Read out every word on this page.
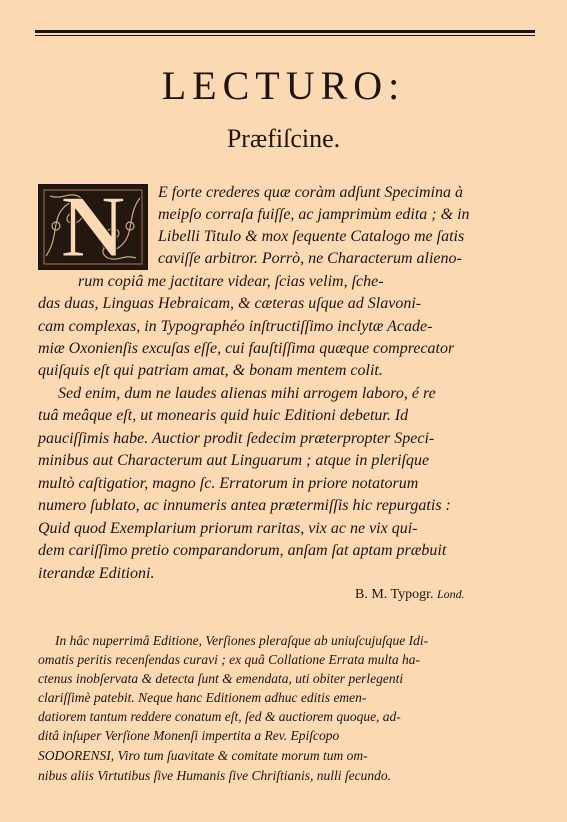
LECTURO:
Præfiſcine.
N	E forte crederes quæ coràm adſunt Specimina à
meipſo corraſa fuiſſe, ac jamprimùm edita ; & in
Libelli Titulo & mox ſequente Catalogo me ſatis
caviſſe arbitror. Porrò, ne Characterum alieno-
rum copiâ me jactitare videar, ſcias velim, ſche-
das duas, Linguas Hebraicam, & cæteras uſque ad Slavoni-
cam complexas, in Typographéo inſtructiſſimo inclytæ Acade-
miæ Oxonienſis excuſas eſſe, cui fauſtiſſima quæque comprecator
quiſquis eſt qui patriam amat, & bonam mentem colit.
Sed enim, dum ne laudes alienas mihi arrogem laboro, é re
tuâ meâque eſt, ut monearis quid huic Editioni debetur. Id
pauciſſimis habe. Auctior prodit ſedecim præterpropter Speci-
minibus aut Characterum aut Linguarum ; atque in pleriſque
multò caſtigatior, magno ſc. Erratorum in priore notatorum
numero ſublato, ac innumeris antea prætermiſſis hic repurgatis :
Quid quod Exemplarium priorum raritas, vix ac ne vix qui-
dem cariſſimo pretio comparandorum, anſam ſat aptam præbuit
iterandæ Editioni.
B. M. Typogr. Lond.
In hâc nuperrimâ Editione, Verſiones pleraſque ab uniuſcujuſque Idi-
omatis peritis recenſendas curavi ; ex quâ Collatione Errata multa ha-
ctenus inobſervata & detecta ſunt & emendata, uti obiter perlegenti
clariſſimè patebit. Neque hanc Editionem adhuc editis emen-
datiorem tantum reddere conatum eſt, ſed & auctiorem quoque, ad-
ditâ inſuper Verſione Monenſi impertita a Rev. Epiſcopo
SODORENSI, Viro tum ſuavitate & comitate morum tum om-
nibus aliis Virtutibus ſive Humanis ſive Chriſtianis, nulli ſecundo.
